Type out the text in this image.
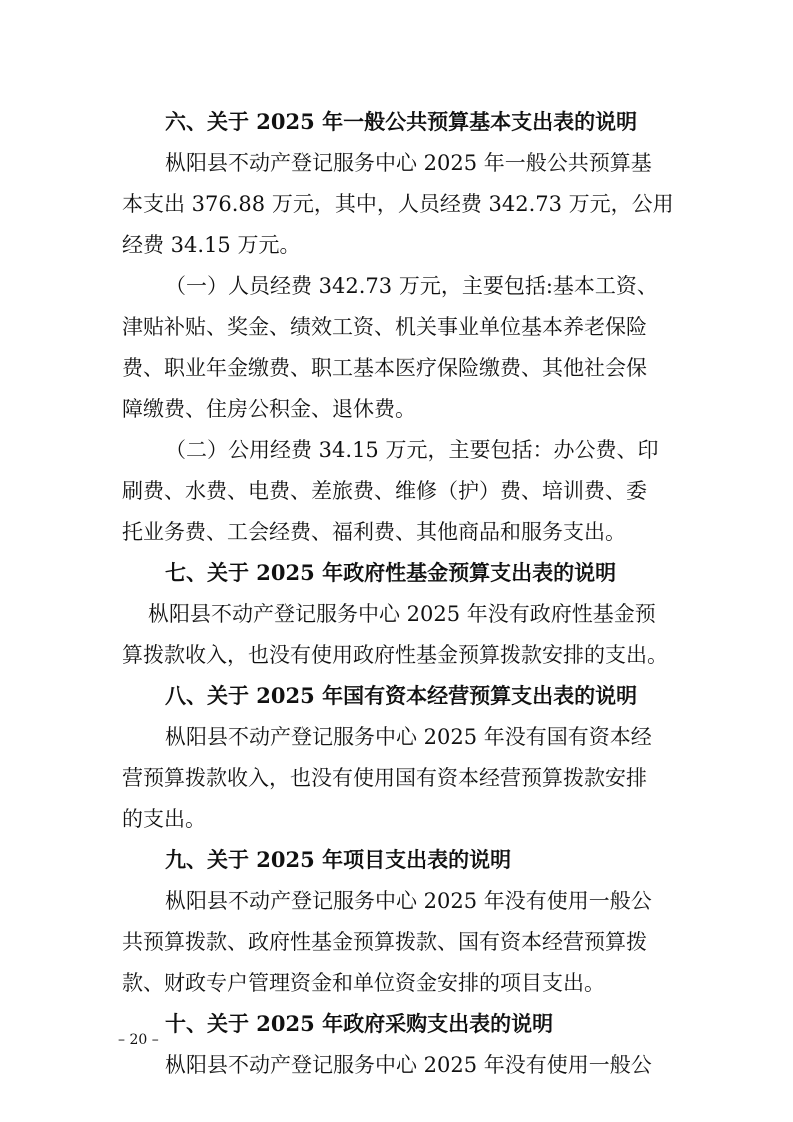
六、关于 2025 年一般公共预算基本支出表的说明
枞阳县不动产登记服务中心 2025 年一般公共预算基
本支出 376.88 万元，其中，人员经费 342.73 万元，公用
经费 34.15 万元。
（一）人员经费 342.73 万元，主要包括:基本工资、
津贴补贴、奖金、绩效工资、机关事业单位基本养老保险
费、职业年金缴费、职工基本医疗保险缴费、其他社会保
障缴费、住房公积金、退休费。
（二）公用经费 34.15 万元，主要包括：办公费、印
刷费、水费、电费、差旅费、维修（护）费、培训费、委
托业务费、工会经费、福利费、其他商品和服务支出。
七、关于 2025 年政府性基金预算支出表的说明
枞阳县不动产登记服务中心 2025 年没有政府性基金预
算拨款收入，也没有使用政府性基金预算拨款安排的支出。
八、关于 2025 年国有资本经营预算支出表的说明
枞阳县不动产登记服务中心 2025 年没有国有资本经
营预算拨款收入，也没有使用国有资本经营预算拨款安排
的支出。
九、关于 2025 年项目支出表的说明
枞阳县不动产登记服务中心 2025 年没有使用一般公
共预算拨款、政府性基金预算拨款、国有资本经营预算拨
款、财政专户管理资金和单位资金安排的项目支出。
十、关于 2025 年政府采购支出表的说明
枞阳县不动产登记服务中心 2025 年没有使用一般公
– 20 –
